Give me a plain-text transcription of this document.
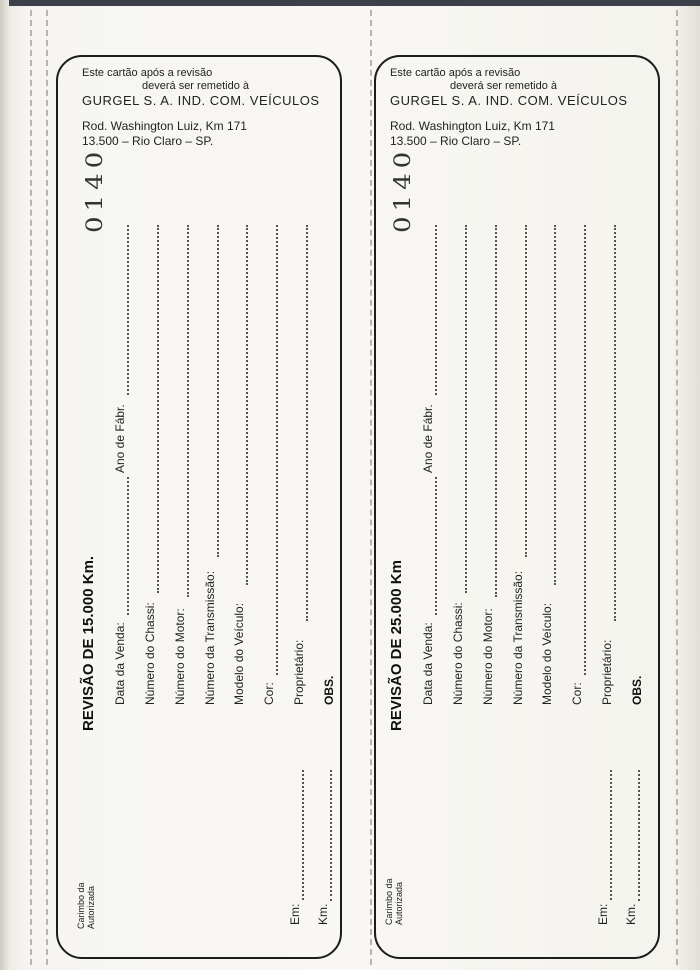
Carimbo da Autorizada	Em: Km.
REVISÃO DE 15.000 Km. Data da Venda:
Ano de Fábr.
Número do Chassi: Número do Motor: Número da Transmissão: Modelo do Veículo: Cor: Proprietário: OBS.
0140
Este cartão após a revisão
deverá ser remetido à
GURGEL S. A. IND. COM. VEÍCULOS
Rod. Washington Luiz, Km 171
13.500 – Rio Claro – SP.
Carimbo da Autorizada	Em: Km.
REVISÃO DE 25.000 Km Data da Venda:
Ano de Fábr.
Número do Chassi: Número do Motor: Número da Transmissão: Modelo do Veículo: Cor: Proprietário: OBS.
0140
Este cartão após a revisão
deverá ser remetido à
GURGEL S. A. IND. COM. VEÍCULOS
Rod. Washington Luiz, Km 171
13.500 – Rio Claro – SP.
